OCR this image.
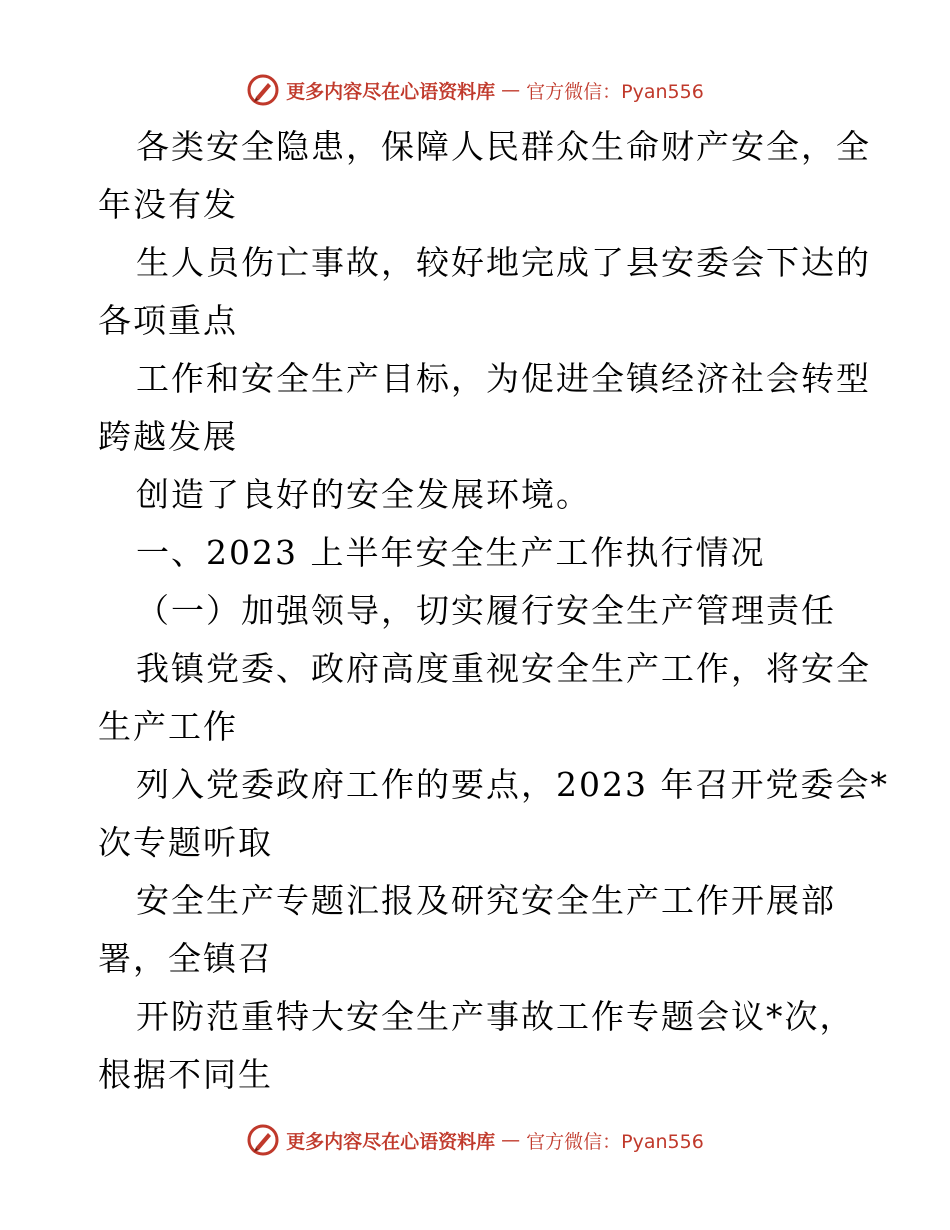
更多内容尽在心语资料库 — 官方微信：Pyan556
各类安全隐患，保障人民群众生命财产安全，全
年没有发
生人员伤亡事故，较好地完成了县安委会下达的
各项重点
工作和安全生产目标，为促进全镇经济社会转型
跨越发展
创造了良好的安全发展环境。
一、2023 上半年安全生产工作执行情况
（一）加强领导，切实履行安全生产管理责任
我镇党委、政府高度重视安全生产工作，将安全
生产工作
列入党委政府工作的要点，2023 年召开党委会*
次专题听取
安全生产专题汇报及研究安全生产工作开展部
署，全镇召
开防范重特大安全生产事故工作专题会议*次，
根据不同生
更多内容尽在心语资料库 — 官方微信：Pyan556
